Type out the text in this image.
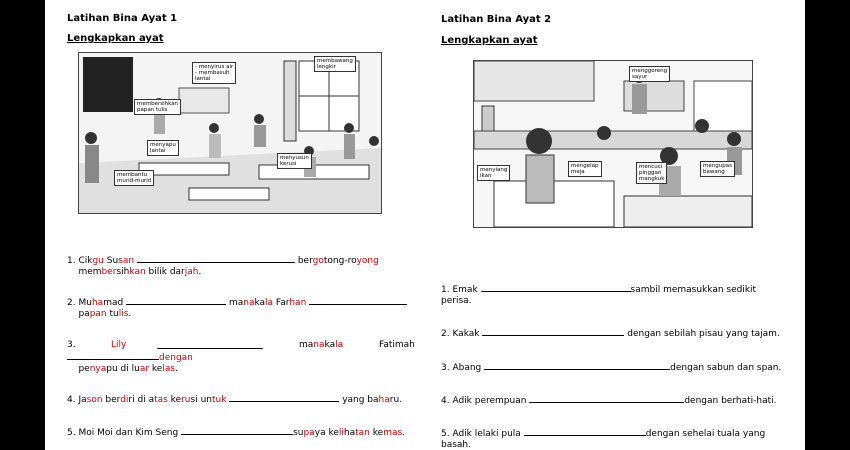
Latihan Bina Ayat 1
Lengkapkan ayat
- menyirus air
- membasuh
lantai
membawang
lengkir
membersihkan
papan tulis
menyapu
lantai
menyusun
kerusi
membantu
murid-murid
1. Cikgu Susan	bergotong-royong
membersihkan bilik darjah.
2. Muhamad	manakala Farhan
papan tulis.
3.	Lily	manakala	Fatimah

dengan
penyapu di luar kelas.
4. Jason berdiri di atas kerusi untuk	yang baharu.
5. Moi Moi dan Kim Seng	supaya kelihatan kemas.
Latihan Bina Ayat 2
Lengkapkan ayat
menggoreng
sayur
menyiang
ikan
mengelap
meja
mencuci
pinggan
mangkuk
mengupas
bawang
1. Emak	sambil memasukkan sedikit
perisa.
2. Kakak	dengan sebilah pisau yang tajam.
3. Abang	dengan sabun dan span.
4. Adik perempuan	dengan berhati-hati.
5. Adik lelaki pula	dengan sehelai tuala yang
basah.
